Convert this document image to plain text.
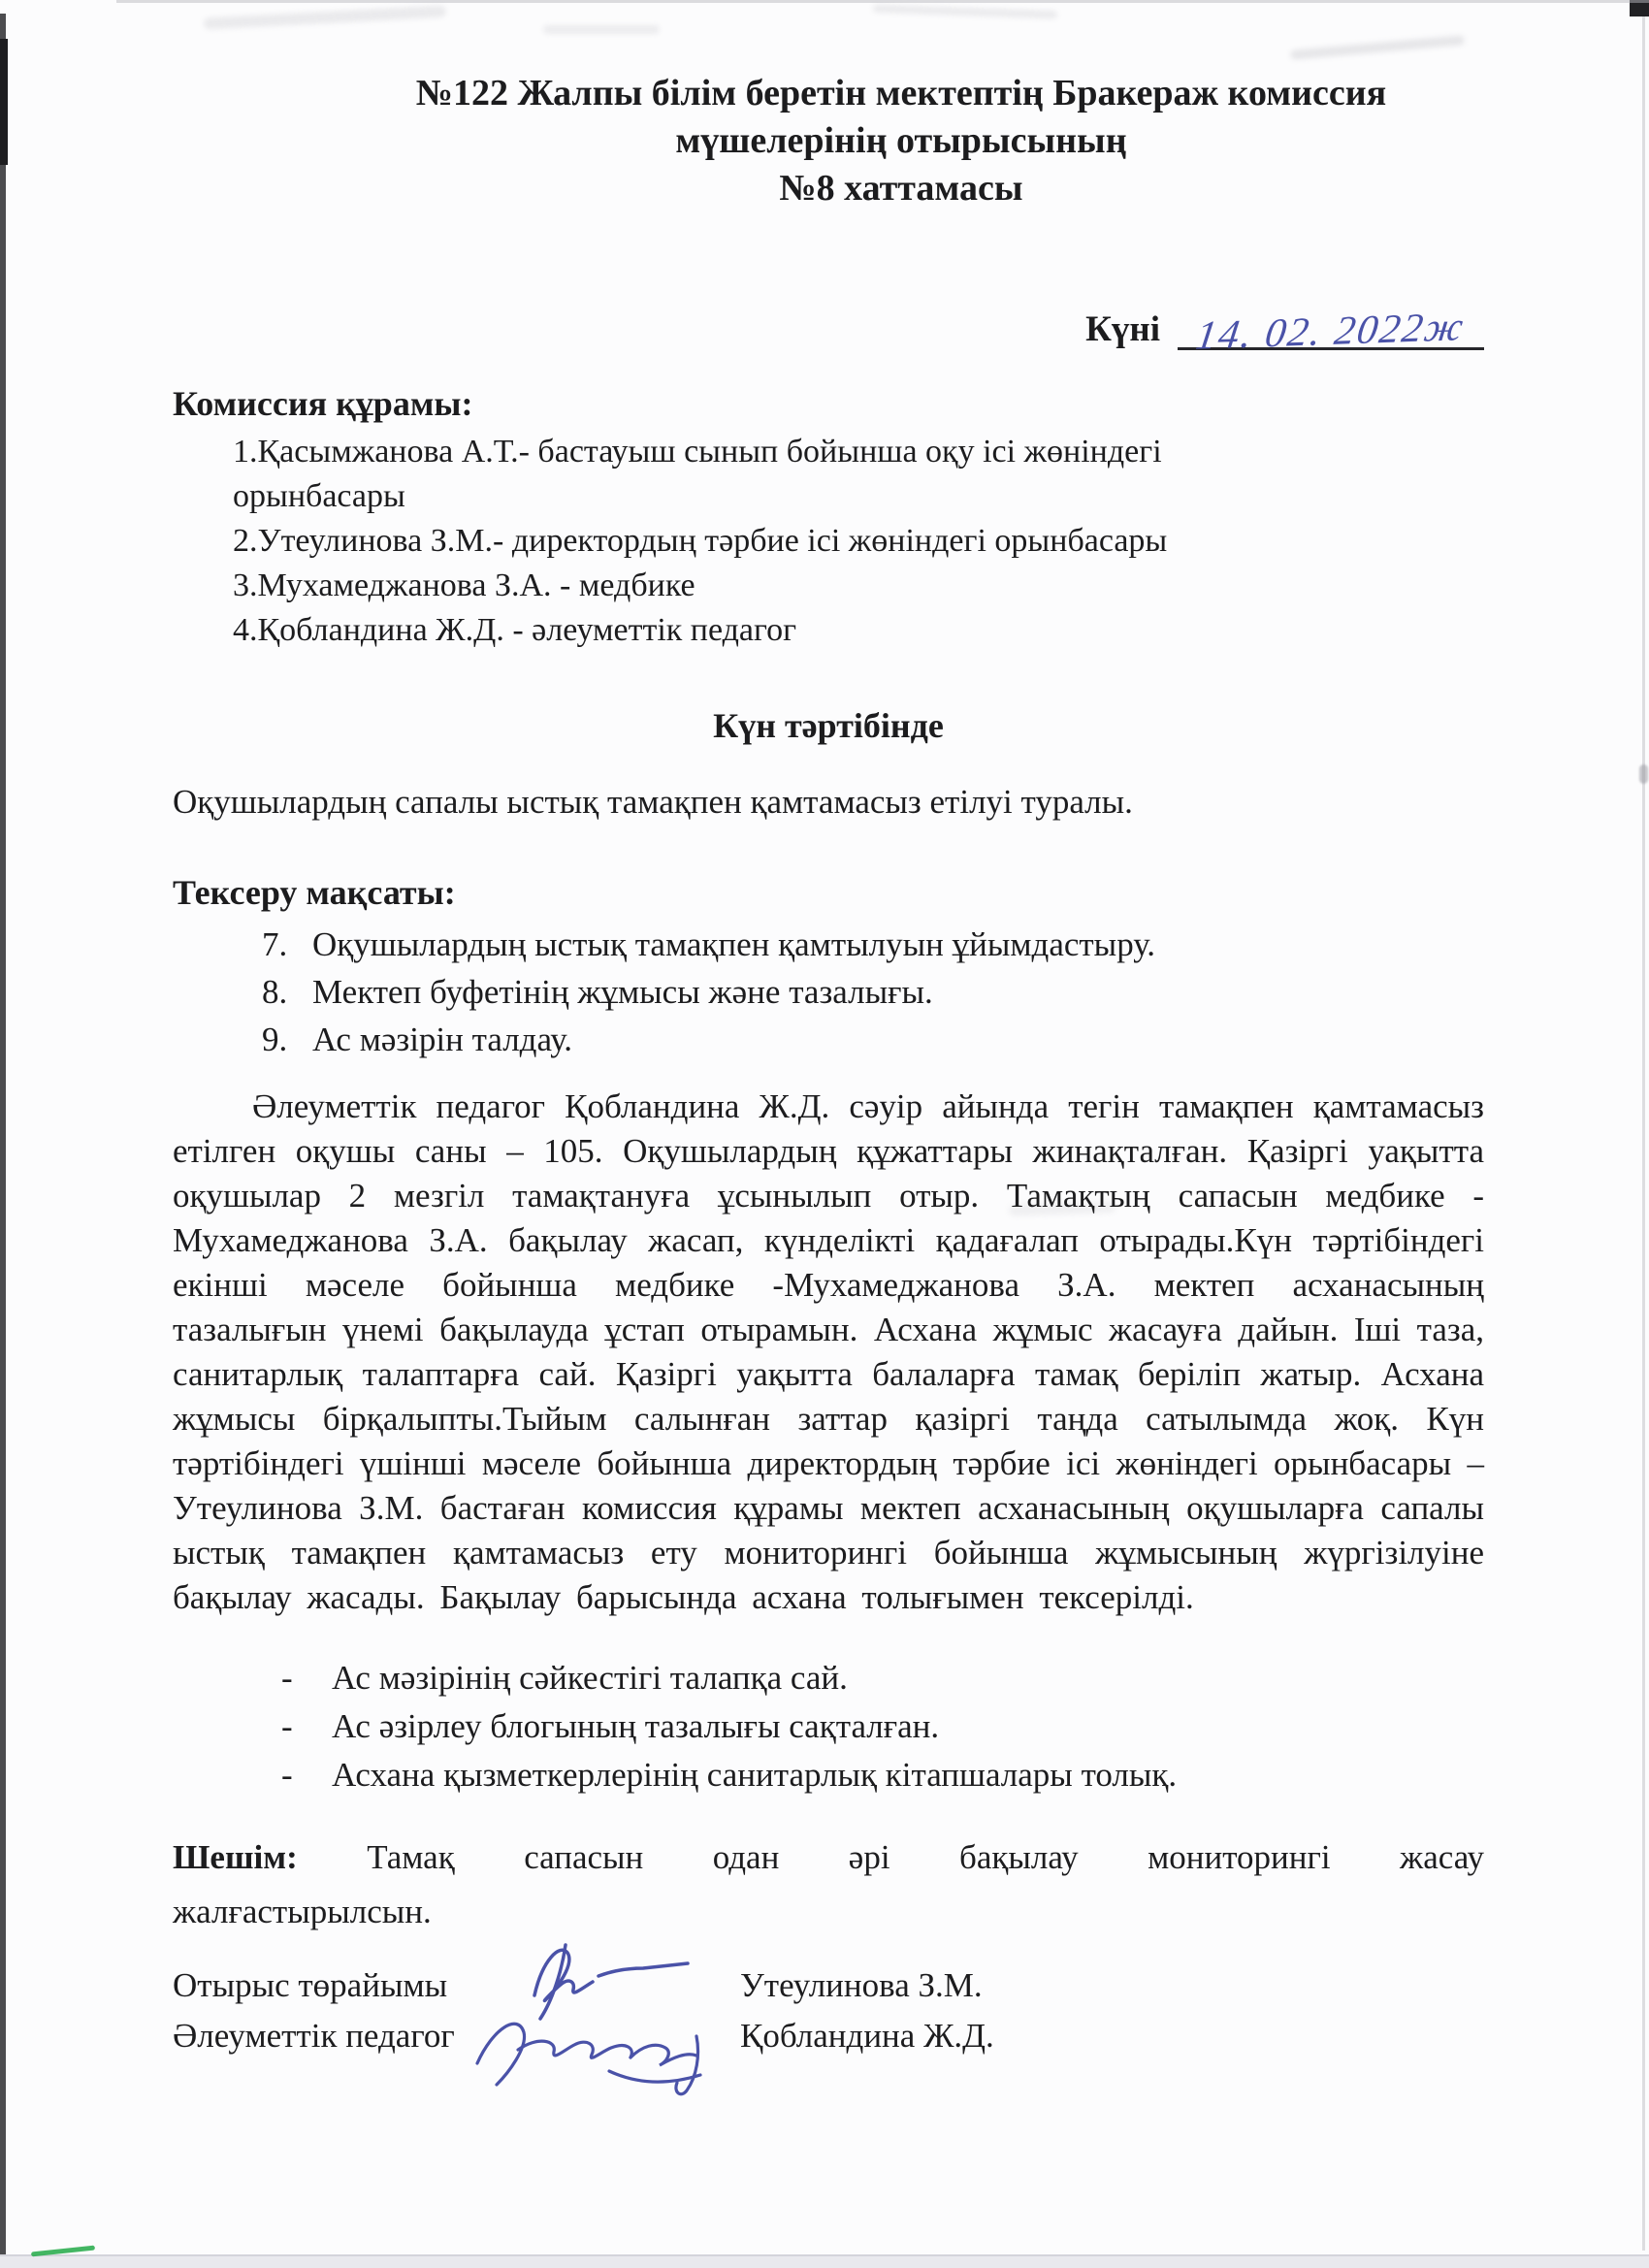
№122 Жалпы білім беретін мектептің Бракераж комиссия
мүшелерінің отырысының
№8 хаттамасы
Күні 14. 02. 2022ж
Комиссия құрамы:

1.Қасымжанова А.Т.- бастауыш сынып бойынша оқу ісі жөніндегі орынбасары

2.Утеулинова З.М.- директордың тәрбие ісі жөніндегі орынбасары

3.Мухамеджанова З.А. - медбике

4.Қобландина Ж.Д. - әлеуметтік педагог

Күн тәртібінде
Оқушылардың сапалы ыстық тамақпен қамтамасыз етілуі туралы.
Тексеру мақсаты:
7. Оқушылардың ыстық тамақпен қамтылуын ұйымдастыру.
8. Мектеп буфетінің жұмысы және тазалығы.
9. Ас мәзірін талдау.

Әлеуметтік педагог Қобландина Ж.Д. сәуір айында тегін тамақпен қамтамасыз етілген оқушы саны – 105. Оқушылардың құжаттары жинақталған. Қазіргі уақытта оқушылар 2 мезгіл тамақтануға ұсынылып отыр. Тамақтың сапасын медбике - Мухамеджанова З.А. бақылау жасап, күнделікті қадағалап отырады.Күн тәртібіндегі екінші мәселе бойынша медбике -Мухамеджанова З.А. мектеп асханасының тазалығын үнемі бақылауда ұстап отырамын. Асхана жұмыс жасауға дайын. Іші таза, санитарлық талаптарға сай. Қазіргі уақытта балаларға тамақ беріліп жатыр. Асхана жұмысы бірқалыпты.Тыйым салынған заттар қазіргі таңда сатылымда жоқ. Күн тәртібіндегі үшінші мәселе бойынша директордың тәрбие ісі жөніндегі орынбасары – Утеулинова З.М. бастаған комиссия құрамы мектеп асханасының оқушыларға сапалы ыстық тамақпен қамтамасыз ету мониторингі бойынша жұмысының жүргізілуіне бақылау жасады. Бақылау барысында асхана толығымен тексерілді.

- Ас мәзірінің сәйкестігі талапқа сай.
- Ас әзірлеу блогының тазалығы сақталған.
- Асхана қызметкерлерінің санитарлық кітапшалары толық.
Шешім: Тамақ сапасын одан әрі бақылау мониторингі жасау
жалғастырылсын.
Отырыс төрайымы	Утеулинова З.М.
Әлеуметтік педагог	Қобландина Ж.Д.
